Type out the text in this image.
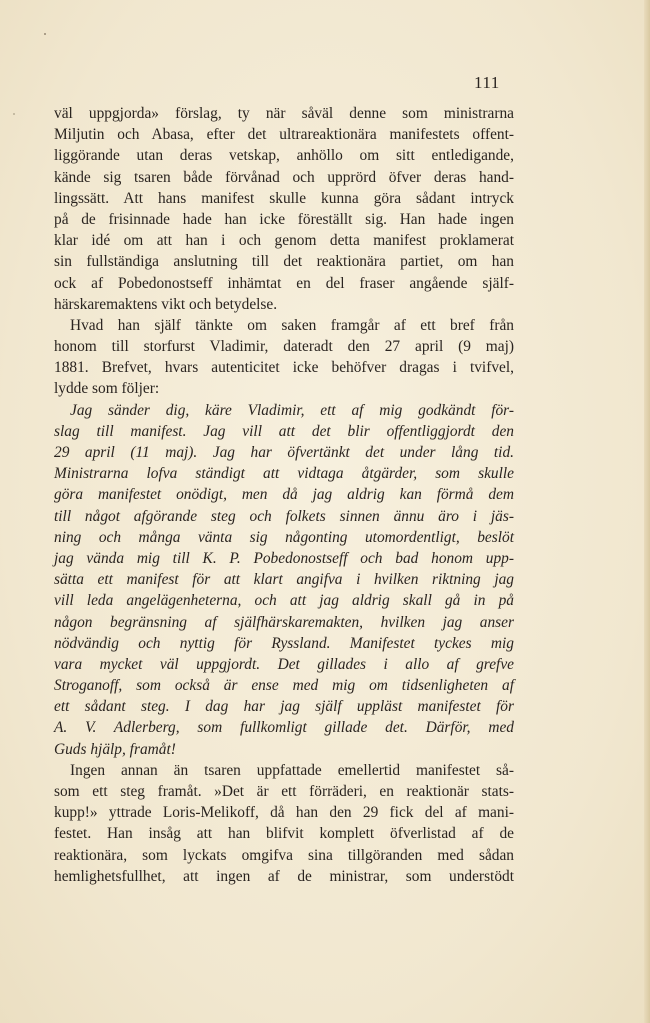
111
väl uppgjorda» förslag, ty när såväl denne som ministrarna
Miljutin och Abasa, efter det ultrareaktionära manifestets offent-
liggörande utan deras vetskap, anhöllo om sitt entledigande,
kände sig tsaren både förvånad och upprörd öfver deras hand-
lingssätt. Att hans manifest skulle kunna göra sådant intryck
på de frisinnade hade han icke föreställt sig. Han hade ingen
klar idé om att han i och genom detta manifest proklamerat
sin fullständiga anslutning till det reaktionära partiet, om han
ock af Pobedonostseff inhämtat en del fraser angående själf-
härskaremaktens vikt och betydelse.
Hvad han själf tänkte om saken framgår af ett bref från
honom till storfurst Vladimir, dateradt den 27 april (9 maj)
1881. Brefvet, hvars autenticitet icke behöfver dragas i tvifvel,
lydde som följer:
Jag sänder dig, käre Vladimir, ett af mig godkändt för-
slag till manifest. Jag vill att det blir offentliggjordt den
29 april (11 maj). Jag har öfvertänkt det under lång tid.
Ministrarna lofva ständigt att vidtaga åtgärder, som skulle
göra manifestet onödigt, men då jag aldrig kan förmå dem
till något afgörande steg och folkets sinnen ännu äro i jäs-
ning och många vänta sig någonting utomordentligt, beslöt
jag vända mig till K. P. Pobedonostseff och bad honom upp-
sätta ett manifest för att klart angifva i hvilken riktning jag
vill leda angelägenheterna, och att jag aldrig skall gå in på
någon begränsning af själfhärskaremakten, hvilken jag anser
nödvändig och nyttig för Ryssland. Manifestet tyckes mig
vara mycket väl uppgjordt. Det gillades i allo af grefve
Stroganoff, som också är ense med mig om tidsenligheten af
ett sådant steg. I dag har jag själf uppläst manifestet för
A. V. Adlerberg, som fullkomligt gillade det. Därför, med
Guds hjälp, framåt!
Ingen annan än tsaren uppfattade emellertid manifestet så-
som ett steg framåt. »Det är ett förräderi, en reaktionär stats-
kupp!» yttrade Loris-Melikoff, då han den 29 fick del af mani-
festet. Han insåg att han blifvit komplett öfverlistad af de
reaktionära, som lyckats omgifva sina tillgöranden med sådan
hemlighetsfullhet, att ingen af de ministrar, som understödt
